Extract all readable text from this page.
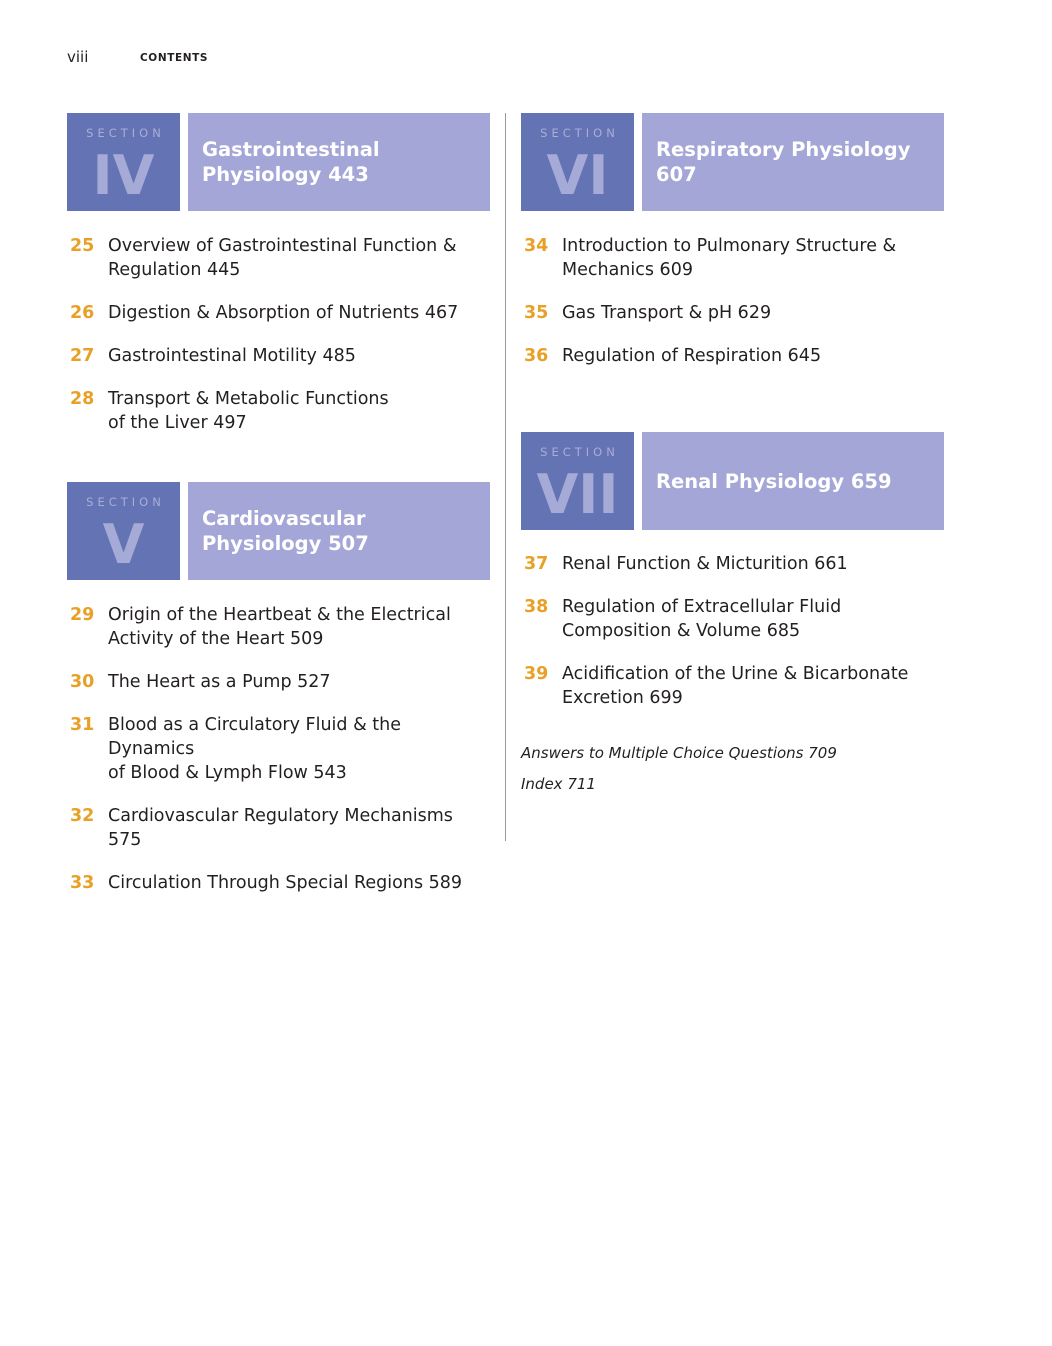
viii	CONTENTS
SECTION
IV	Gastrointestinal
Physiology 443
25 Overview of Gastrointestinal Function &
Regulation 445
26 Digestion & Absorption of Nutrients 467
27 Gastrointestinal Motility 485
28 Transport & Metabolic Functions
of the Liver 497
SECTION
V	Cardiovascular
Physiology 507
29 Origin of the Heartbeat & the Electrical
Activity of the Heart 509
30 The Heart as a Pump 527
31 Blood as a Circulatory Fluid & the Dynamics
of Blood & Lymph Flow 543
32 Cardiovascular Regulatory Mechanisms 575
33 Circulation Through Special Regions 589
SECTION
VI	Respiratory Physiology 607
34 Introduction to Pulmonary Structure &
Mechanics 609
35 Gas Transport & pH 629
36 Regulation of Respiration 645
SECTION
VII	Renal Physiology 659
37 Renal Function & Micturition 661
38 Regulation of Extracellular Fluid
Composition & Volume 685
39 Acidification of the Urine & Bicarbonate
Excretion 699
Answers to Multiple Choice Questions 709
Index 711
